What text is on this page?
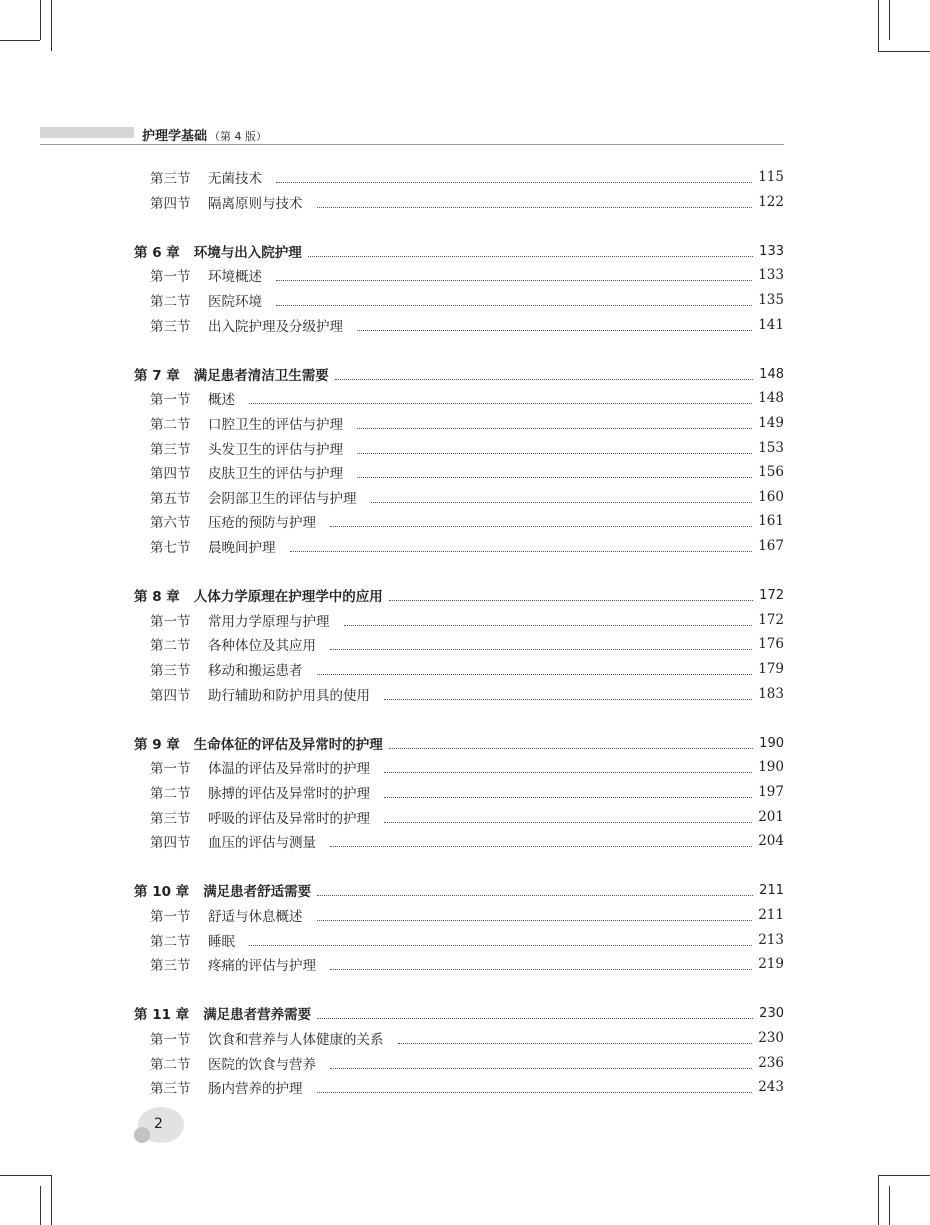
护理学基础 （第 4 版）
第三节	无菌技术	115
第四节	隔离原则与技术	122
第 6 章 环境与出入院护理	133
第一节	环境概述	133
第二节	医院环境	135
第三节	出入院护理及分级护理	141
第 7 章 满足患者清洁卫生需要	148
第一节	概述	148
第二节	口腔卫生的评估与护理	149
第三节	头发卫生的评估与护理	153
第四节	皮肤卫生的评估与护理	156
第五节	会阴部卫生的评估与护理	160
第六节	压疮的预防与护理	161
第七节	晨晚间护理	167
第 8 章 人体力学原理在护理学中的应用	172
第一节	常用力学原理与护理	172
第二节	各种体位及其应用	176
第三节	移动和搬运患者	179
第四节	助行辅助和防护用具的使用	183
第 9 章 生命体征的评估及异常时的护理	190
第一节	体温的评估及异常时的护理	190
第二节	脉搏的评估及异常时的护理	197
第三节	呼吸的评估及异常时的护理	201
第四节	血压的评估与测量	204
第 10 章 满足患者舒适需要	211
第一节	舒适与休息概述	211
第二节	睡眠	213
第三节	疼痛的评估与护理	219
第 11 章 满足患者营养需要	230
第一节	饮食和营养与人体健康的关系	230
第二节	医院的饮食与营养	236
第三节	肠内营养的护理	243
2
